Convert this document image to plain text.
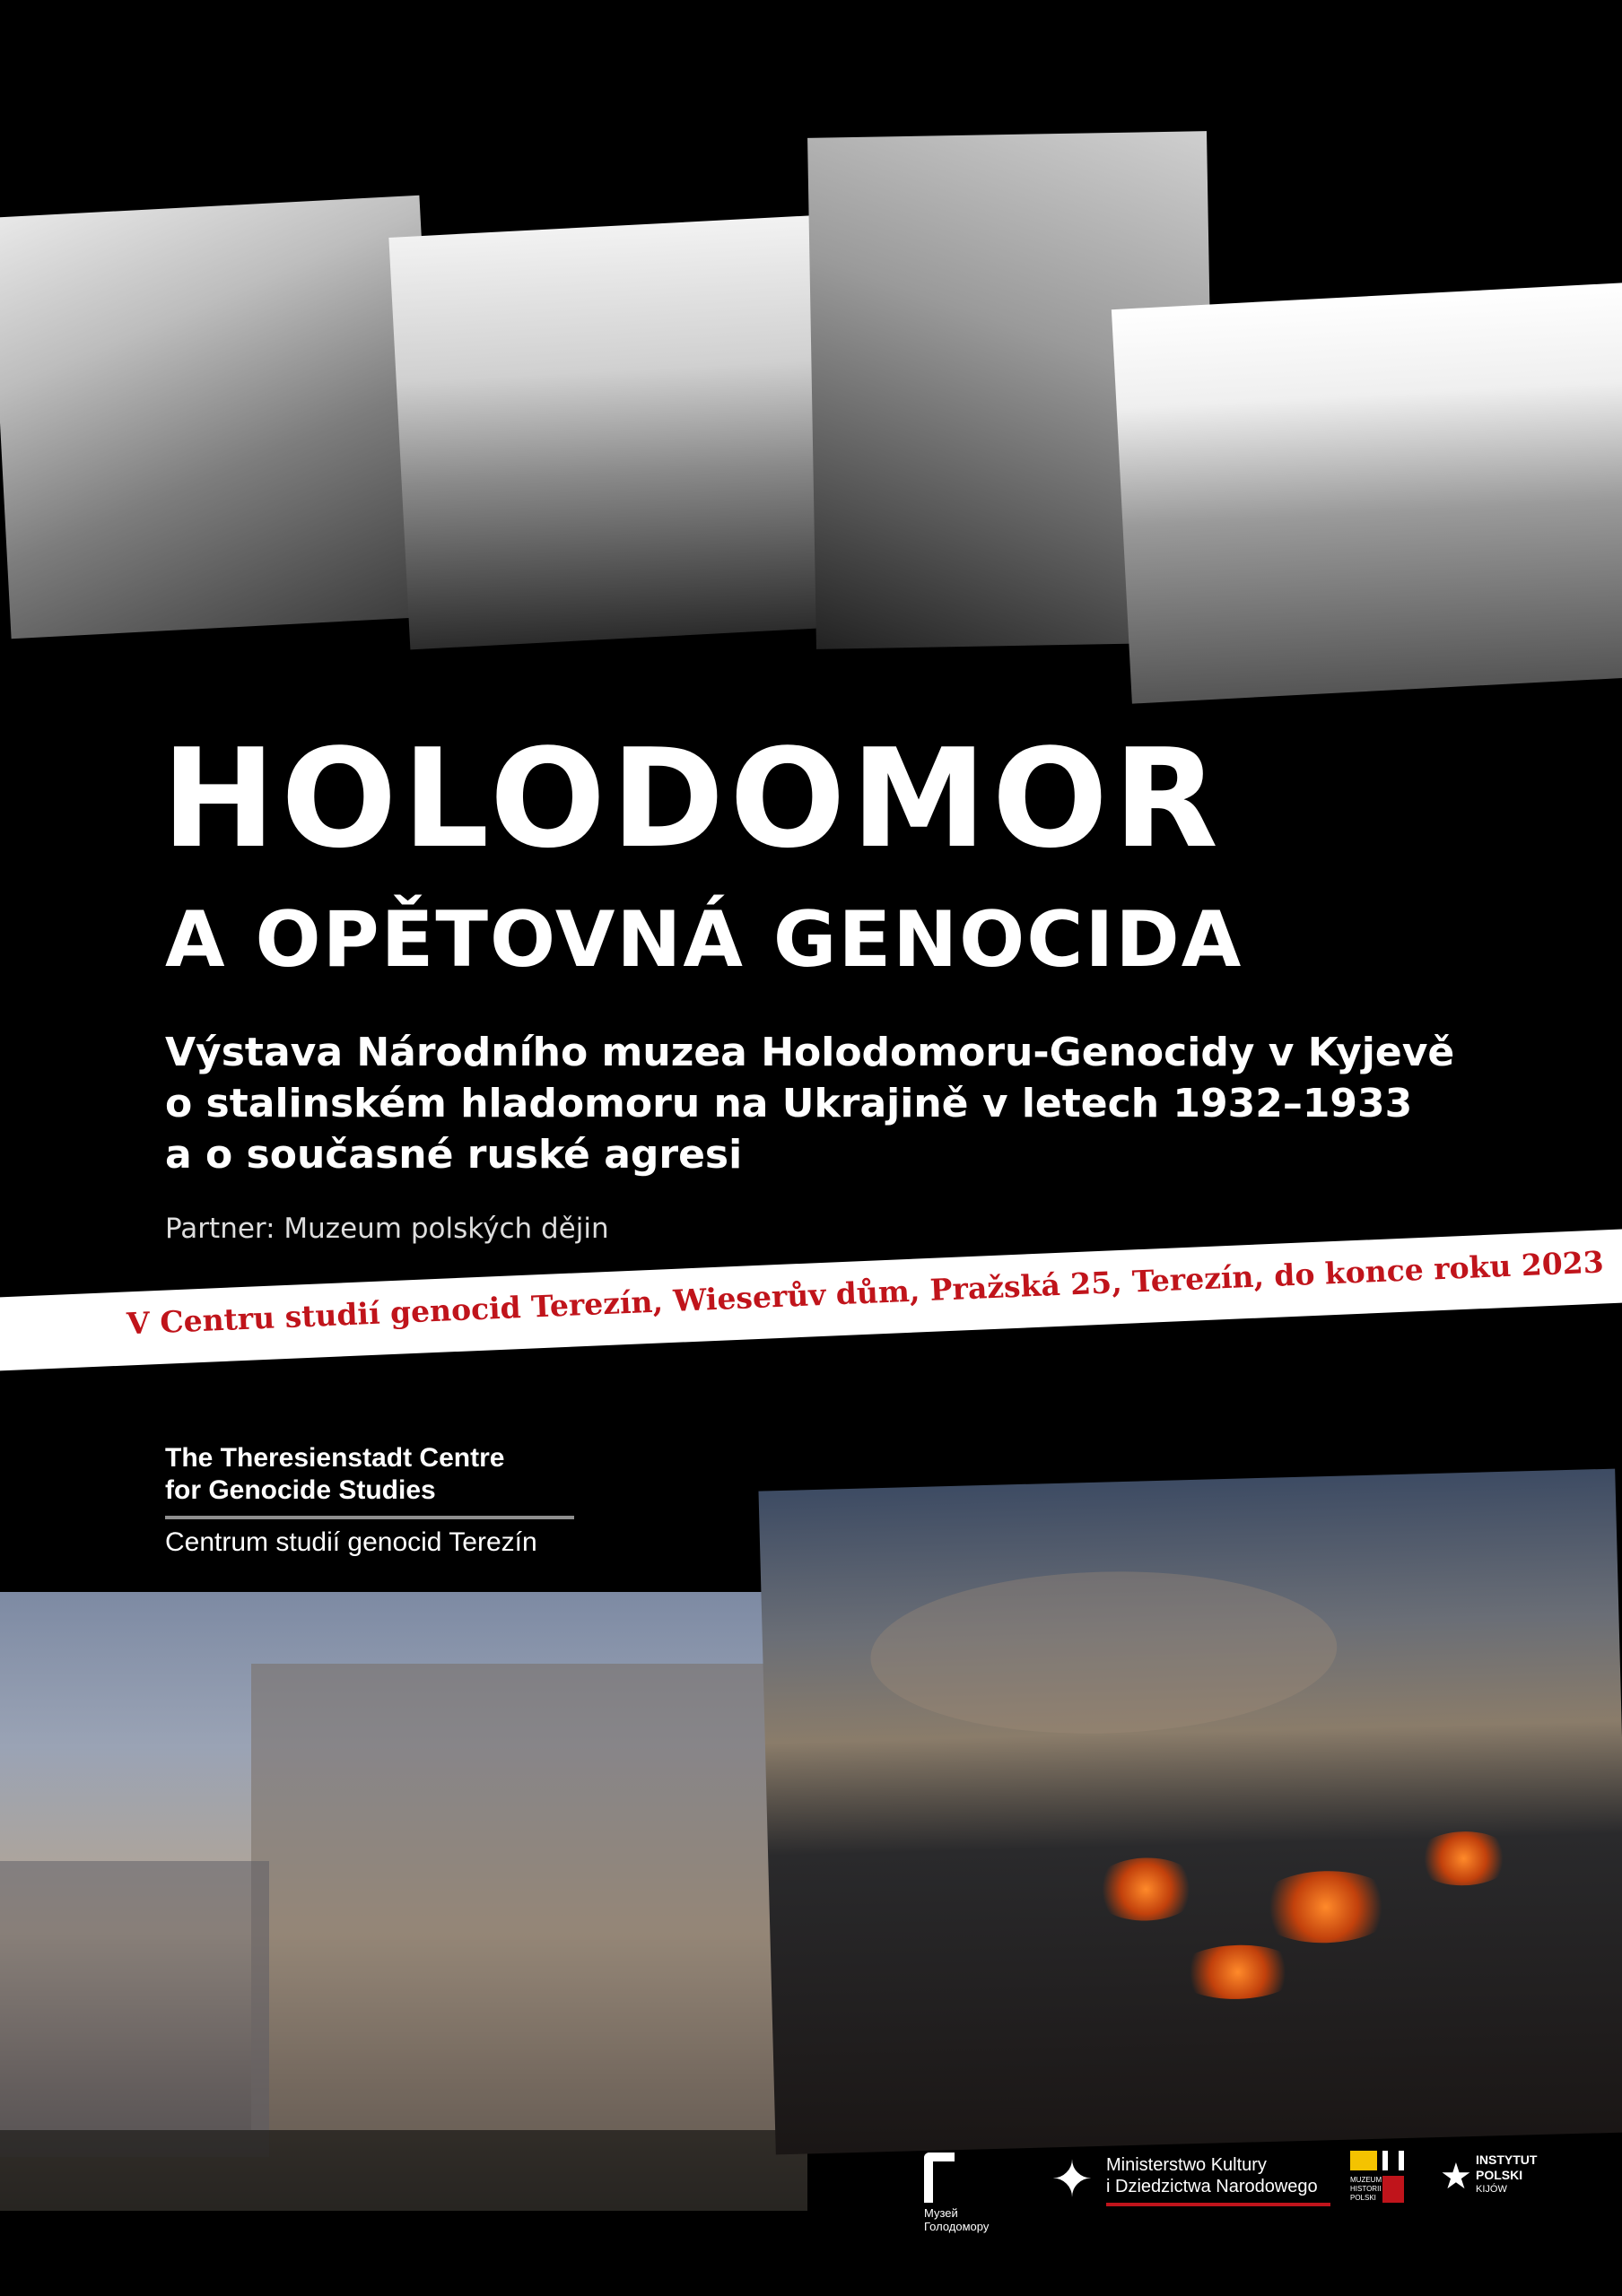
HOLODOMOR
A OPĚTOVNÁ GENOCIDA
Výstava Národního muzea Holodomoru-Genocidy v Kyjevě
o stalinském hladomoru na Ukrajině v letech 1932–1933
a o současné ruské agresi
Partner: Muzeum polských dějin
V Centru studií genocid Terezín, Wieserův dům, Pražská 25, Terezín, do konce roku 2023
The Theresienstadt Centre
for Genocide Studies
Centrum studií genocid Terezín
Музей
Голодомору
✦ Ministerstwo Kultury
i Dziedzictwa Narodowego	MUZEUM
HISTORII
POLSKI
★ INSTYTUT
POLSKI
KIJÓW
